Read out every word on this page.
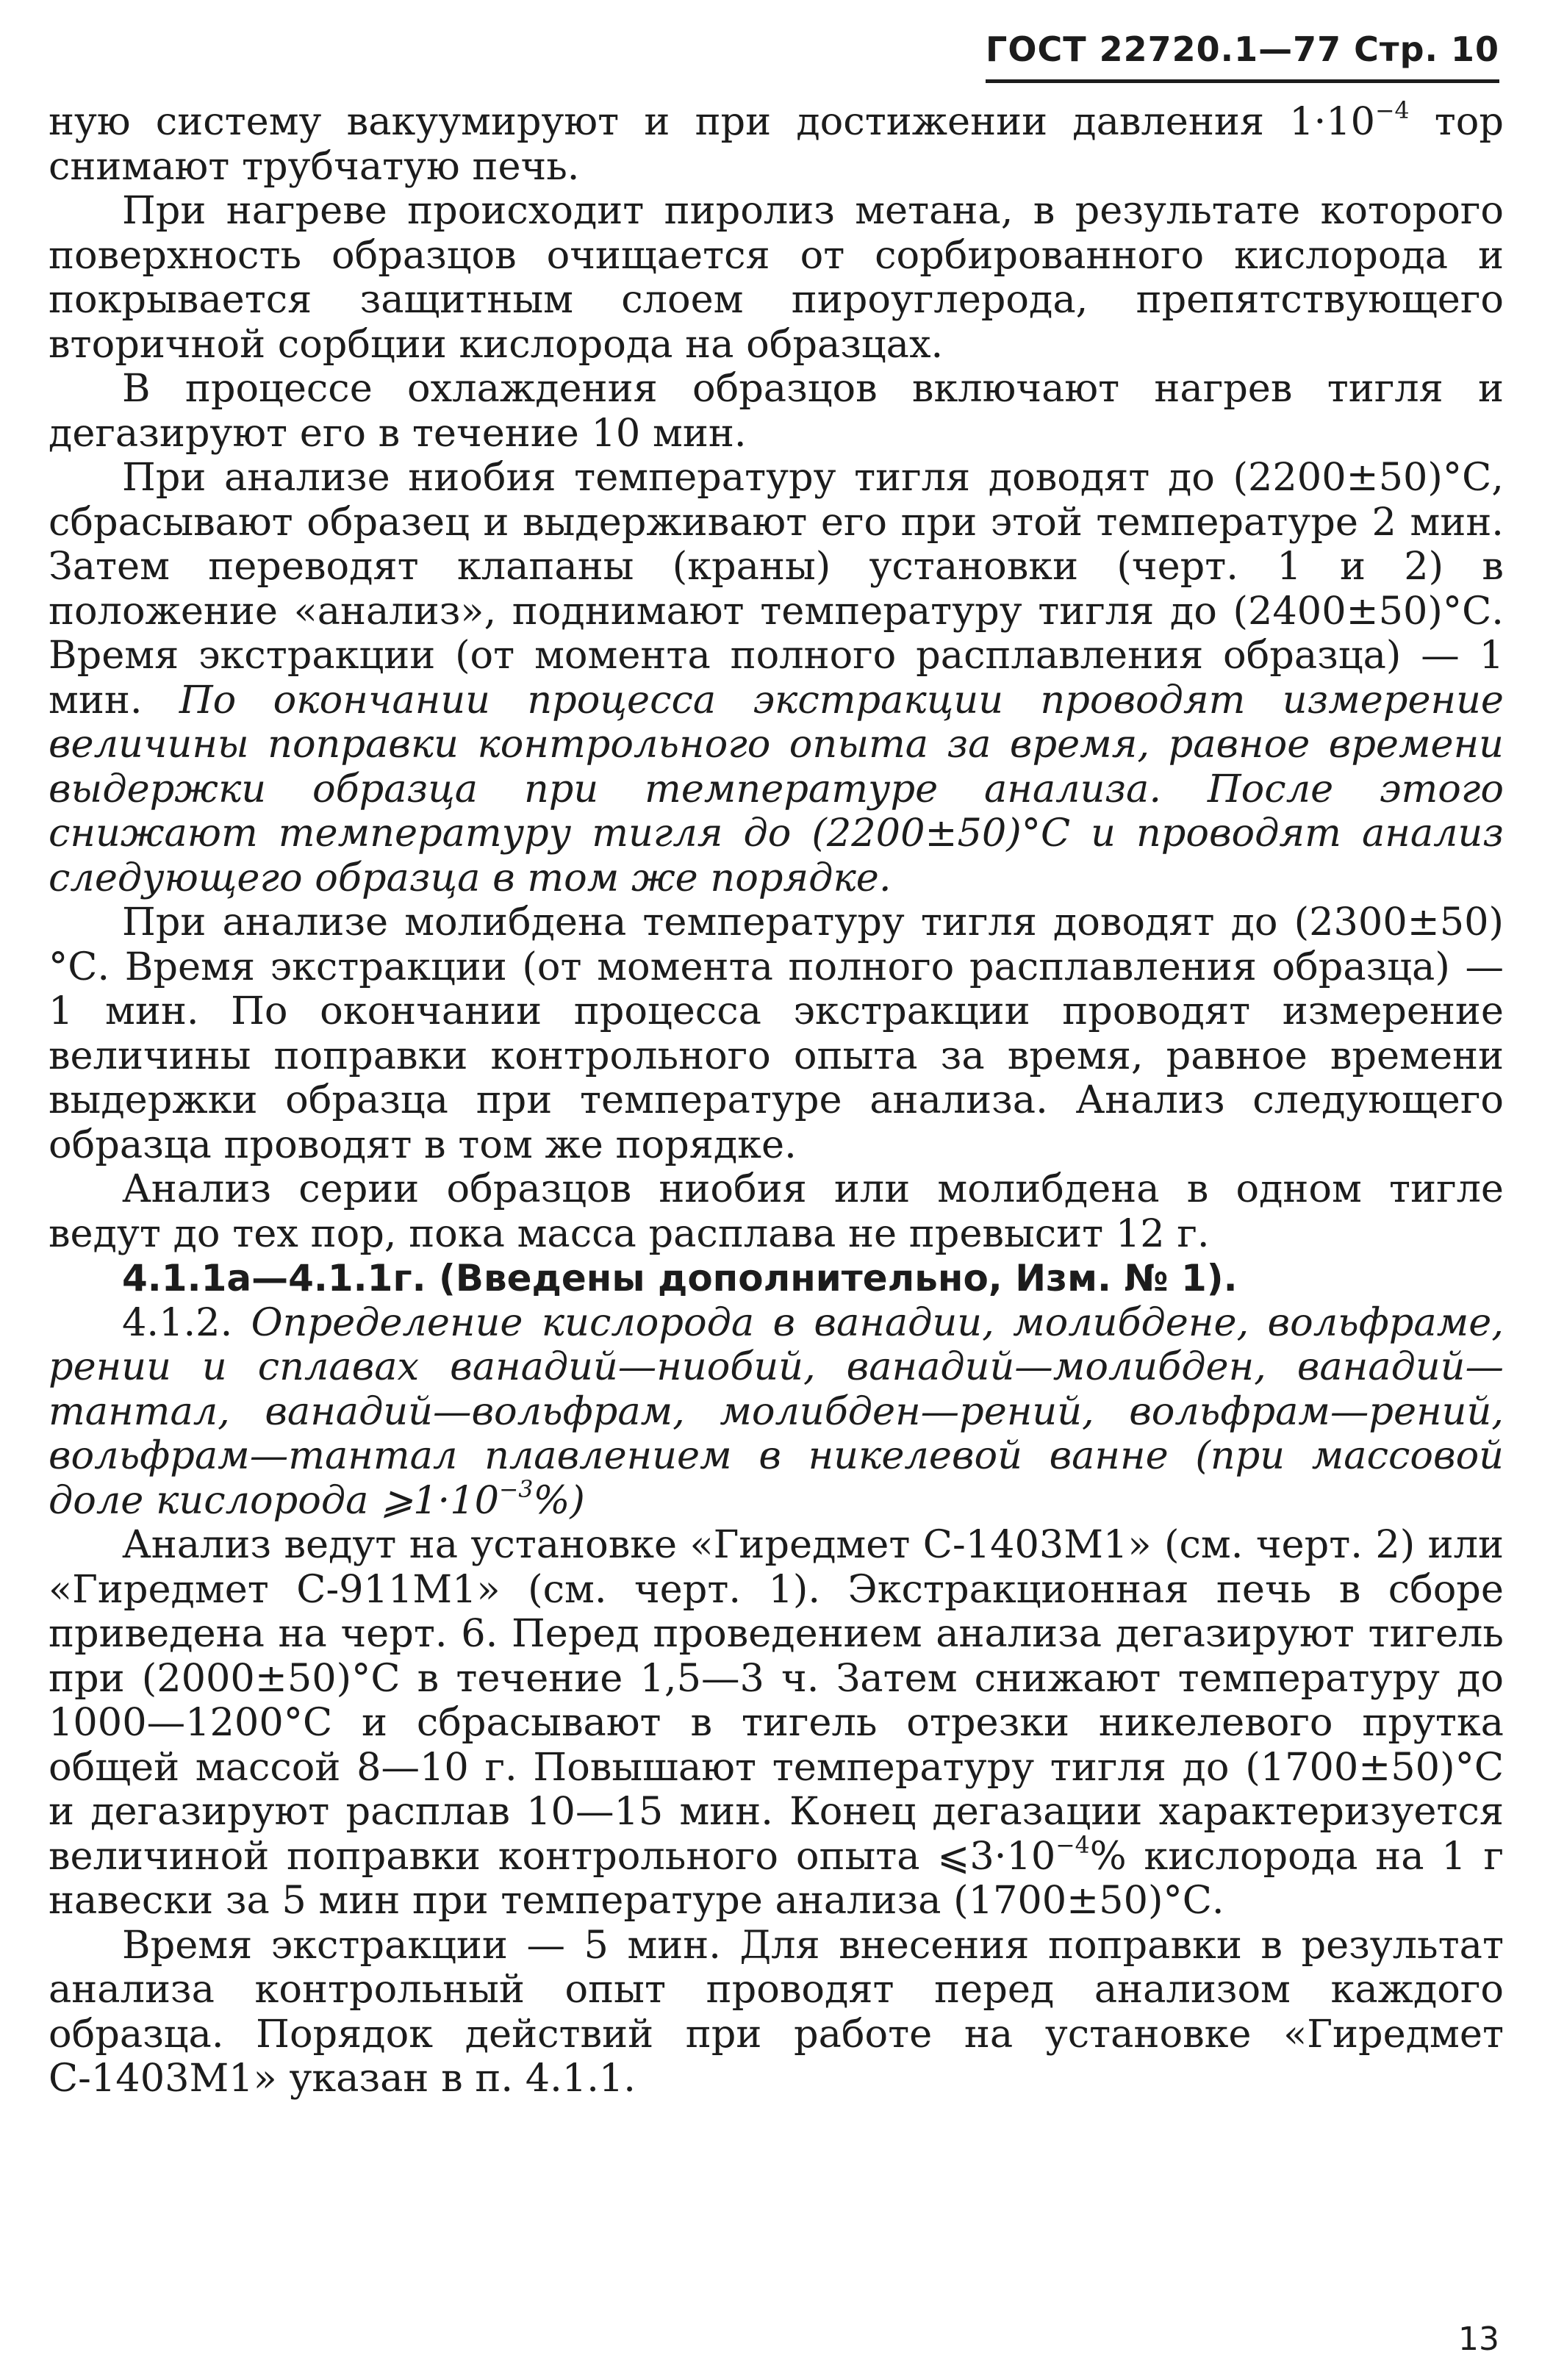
ГОСТ 22720.1—77 Стр. 10

ную систему вакуумируют и при достижении давления $1\cdot 10^{-4}$ тор снимают трубчатую печь.

При нагреве происходит пиролиз метана, в результате которого поверхность образцов очищается от сорбированного кислорода и покрывается защитным слоем пироуглерода, препятствующего вторичной сорбции кислорода на образцах.

В процессе охлаждения образцов включают нагрев тигля и дегазируют его в течение 10 мин.

При анализе ниобия температуру тигля доводят до (2200±50)°С, сбрасывают образец и выдерживают его при этой температуре 2 мин. Затем переводят клапаны (краны) установки (черт. 1 и 2) в положение «анализ», поднимают температуру тигля до (2400±50)°С. Время экстракции (от момента полного расплавления образца) — 1 мин. По окончании процесса экстракции проводят измерение величины поправки контрольного опыта за время, равное времени выдержки образца при температуре анализа. После этого снижают температуру тигля до (2200±50)°С и проводят анализ следующего образца в том же порядке.

При анализе молибдена температуру тигля доводят до (2300±50)°С. Время экстракции (от момента полного расплавления образца) — 1 мин. По окончании процесса экстракции проводят измерение величины поправки контрольного опыта за время, равное времени выдержки образца при температуре анализа. Анализ следующего образца проводят в том же порядке.

Анализ серии образцов ниобия или молибдена в одном тигле ведут до тех пор, пока масса расплава не превысит 12 г.

4.1.1а—4.1.1г. (Введены дополнительно, Изм. № 1).

4.1.2. Определение кислорода в ванадии, молибдене, вольфраме, рении и сплавах ванадий—ниобий, ванадий—молибден, ванадий—тантал, ванадий—вольфрам, молибден—рений, вольфрам—рений, вольфрам—тантал плавлением в никелевой ванне (при массовой доле кислорода $⩾1\cdot 10^{-3}\%$)

Анализ ведут на установке «Гиредмет С-1403М1» (см. черт. 2) или «Гиредмет С-911М1» (см. черт. 1). Экстракционная печь в сборе приведена на черт. 6. Перед проведением анализа дегазируют тигель при (2000±50)°С в течение 1,5—3 ч. Затем снижают температуру до 1000—1200°С и сбрасывают в тигель отрезки никелевого прутка общей массой 8—10 г. Повышают температуру тигля до (1700±50)°С и дегазируют расплав 10—15 мин. Конец дегазации характеризуется величиной поправки контрольного опыта $⩽3\cdot 10^{-4}\%$ кислорода на 1 г навески за 5 мин при температуре анализа (1700±50)°С.

Время экстракции — 5 мин. Для внесения поправки в результат анализа контрольный опыт проводят перед анализом каждого образца. Порядок действий при работе на установке «Гиредмет С-1403М1» указан в п. 4.1.1.

13
